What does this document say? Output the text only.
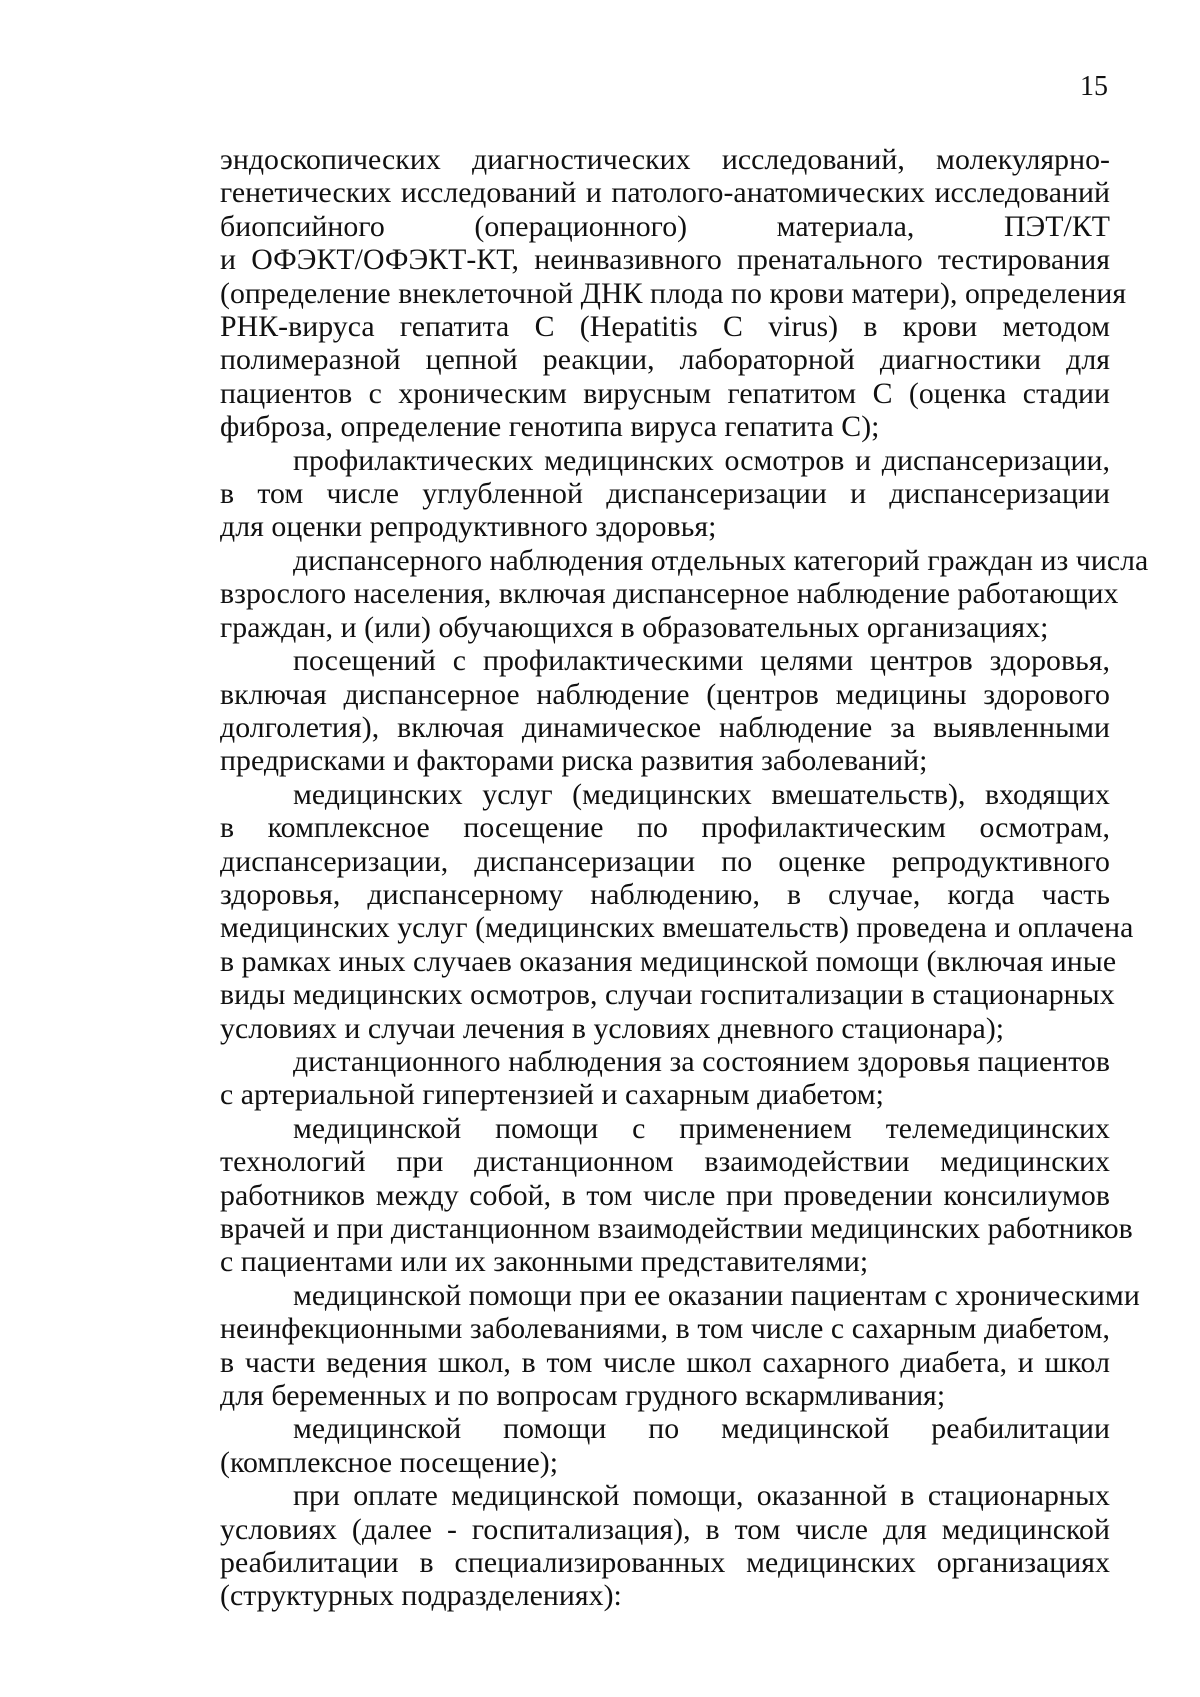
15

эндоскопических диагностических исследований, молекулярно-
генетических исследований и патолого-анатомических исследований
биопсийного (операционного) материала, ПЭТ/КТ
и ОФЭКТ/ОФЭКТ-КТ, неинвазивного пренатального тестирования
(определение внеклеточной ДНК плода по крови матери), определения
РНК-вируса гепатита С (Hepatitis C virus) в крови методом
полимеразной цепной реакции, лабораторной диагностики для
пациентов с хроническим вирусным гепатитом С (оценка стадии
фиброза, определение генотипа вируса гепатита С);

профилактических медицинских осмотров и диспансеризации,
в том числе углубленной диспансеризации и диспансеризации
для оценки репродуктивного здоровья;

диспансерного наблюдения отдельных категорий граждан из числа
взрослого населения, включая диспансерное наблюдение работающих
граждан, и (или) обучающихся в образовательных организациях;

посещений с профилактическими целями центров здоровья,
включая диспансерное наблюдение (центров медицины здорового
долголетия), включая динамическое наблюдение за выявленными
предрисками и факторами риска развития заболеваний;

медицинских услуг (медицинских вмешательств), входящих
в комплексное посещение по профилактическим осмотрам,
диспансеризации, диспансеризации по оценке репродуктивного
здоровья, диспансерному наблюдению, в случае, когда часть
медицинских услуг (медицинских вмешательств) проведена и оплачена
в рамках иных случаев оказания медицинской помощи (включая иные
виды медицинских осмотров, случаи госпитализации в стационарных
условиях и случаи лечения в условиях дневного стационара);

дистанционного наблюдения за состоянием здоровья пациентов
с артериальной гипертензией и сахарным диабетом;

медицинской помощи с применением телемедицинских
технологий при дистанционном взаимодействии медицинских
работников между собой, в том числе при проведении консилиумов
врачей и при дистанционном взаимодействии медицинских работников
с пациентами или их законными представителями;

медицинской помощи при ее оказании пациентам с хроническими
неинфекционными заболеваниями, в том числе с сахарным диабетом,
в части ведения школ, в том числе школ сахарного диабета, и школ
для беременных и по вопросам грудного вскармливания;

медицинской помощи по медицинской реабилитации
(комплексное посещение);

при оплате медицинской помощи, оказанной в стационарных
условиях (далее - госпитализация), в том числе для медицинской
реабилитации в специализированных медицинских организациях
(структурных подразделениях):
